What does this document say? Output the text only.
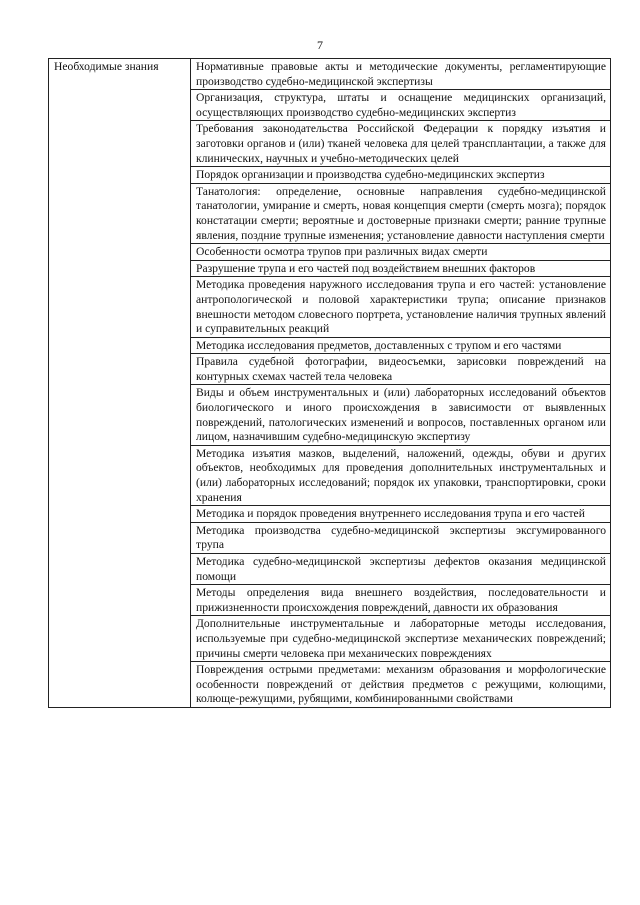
7
Необходимые знания	Нормативные правовые акты и методические документы, регламентирующие производство судебно-медицинской экспертизы
Организация, структура, штаты и оснащение медицинских организаций, осуществляющих производство судебно-медицинских экспертиз
Требования законодательства Российской Федерации к порядку изъятия и заготовки органов и (или) тканей человека для целей трансплантации, а также для клинических, научных и учебно-методических целей
Порядок организации и производства судебно-медицинских экспертиз
Танатология: определение, основные направления судебно-медицинской танатологии, умирание и смерть, новая концепция смерти (смерть мозга); порядок констатации смерти; вероятные и достоверные признаки смерти; ранние трупные явления, поздние трупные изменения; установление давности наступления смерти
Особенности осмотра трупов при различных видах смерти
Разрушение трупа и его частей под воздействием внешних факторов
Методика проведения наружного исследования трупа и его частей: установление антропологической и половой характеристики трупа; описание признаков внешности методом словесного портрета, установление наличия трупных явлений и суправительных реакций
Методика исследования предметов, доставленных с трупом и его частями
Правила судебной фотографии, видеосъемки, зарисовки повреждений на контурных схемах частей тела человека
Виды и объем инструментальных и (или) лабораторных исследований объектов биологического и иного происхождения в зависимости от выявленных повреждений, патологических изменений и вопросов, поставленных органом или лицом, назначившим судебно-медицинскую экспертизу
Методика изъятия мазков, выделений, наложений, одежды, обуви и других объектов, необходимых для проведения дополнительных инструментальных и (или) лабораторных исследований; порядок их упаковки, транспортировки, сроки хранения
Методика и порядок проведения внутреннего исследования трупа и его частей
Методика производства судебно-медицинской экспертизы эксгумированного трупа
Методика судебно-медицинской экспертизы дефектов оказания медицинской помощи
Методы определения вида внешнего воздействия, последовательности и прижизненности происхождения повреждений, давности их образования
Дополнительные инструментальные и лабораторные методы исследования, используемые при судебно-медицинской экспертизе механических повреждений; причины смерти человека при механических повреждениях
Повреждения острыми предметами: механизм образования и морфологические особенности повреждений от действия предметов с режущими, колющими, колюще-режущими, рубящими, комбинированными свойствами
